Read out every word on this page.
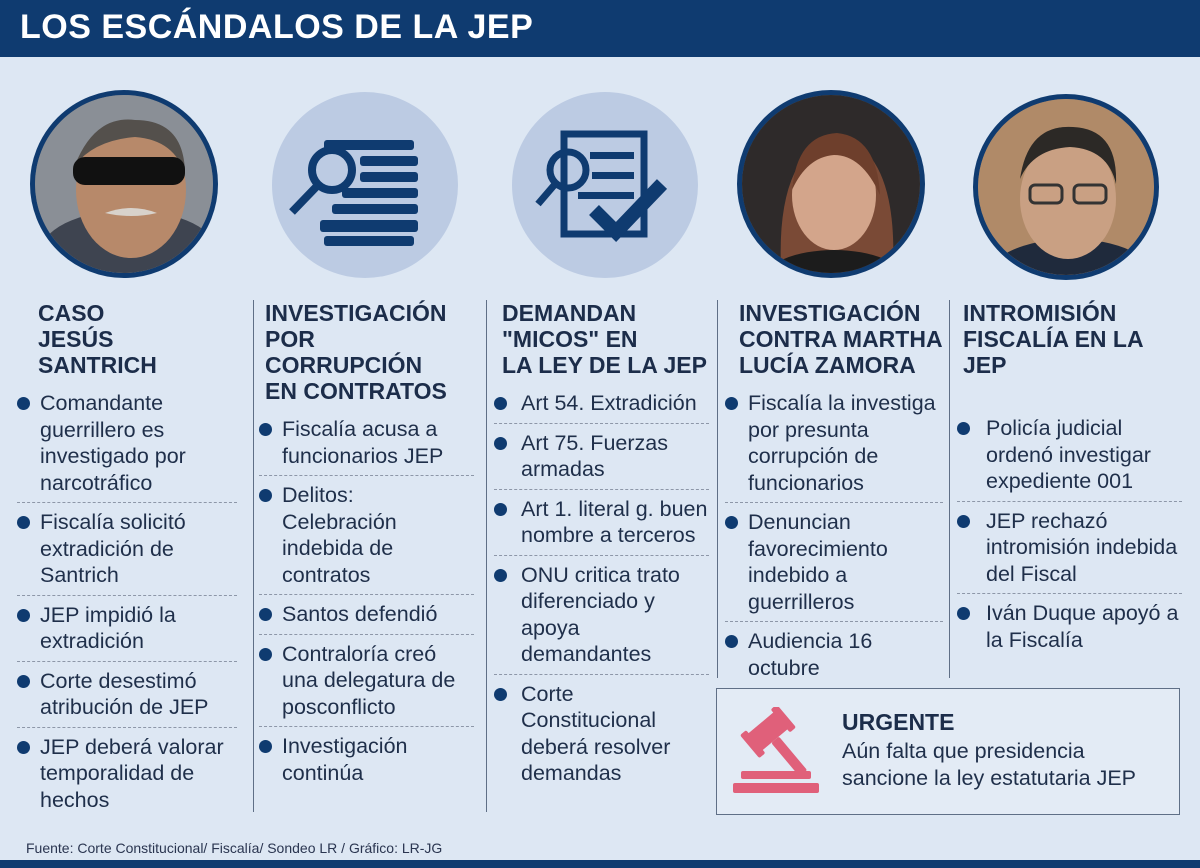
LOS ESCÁNDALOS DE LA JEP
CASO
JESÚS
SANTRICH
Comandante guerrillero es investigado por narcotráfico
Fiscalía solicitó extradición de Santrich
JEP impidió la extradición
Corte desestimó atribución de JEP
JEP deberá valorar temporalidad de hechos
INVESTIGACIÓN
POR CORRUPCIÓN
EN CONTRATOS
Fiscalía acusa a funcionarios JEP
Delitos: Celebración indebida de contratos
Santos defendió
Contraloría creó una delegatura de posconflicto
Investigación continúa
DEMANDAN
"MICOS" EN
LA LEY DE LA JEP
Art 54. Extradición
Art 75. Fuerzas armadas
Art 1. literal g. buen nombre a terceros
ONU critica trato diferenciado y apoya demandantes
Corte Constitucional deberá resolver demandas
INVESTIGACIÓN
CONTRA MARTHA
LUCÍA ZAMORA
Fiscalía la investiga por presunta corrupción de funcionarios
Denuncian favorecimiento indebido a guerrilleros
Audiencia 16 octubre
INTROMISIÓN
FISCALÍA EN LA JEP
Policía judicial ordenó investigar expediente 001
JEP rechazó intromisión indebida del Fiscal
Iván Duque apoyó a la Fiscalía
URGENTE
Aún falta que presidencia sancione la ley estatutaria JEP
Fuente: Corte Constitucional/ Fiscalía/ Sondeo LR / Gráfico: LR-JG
